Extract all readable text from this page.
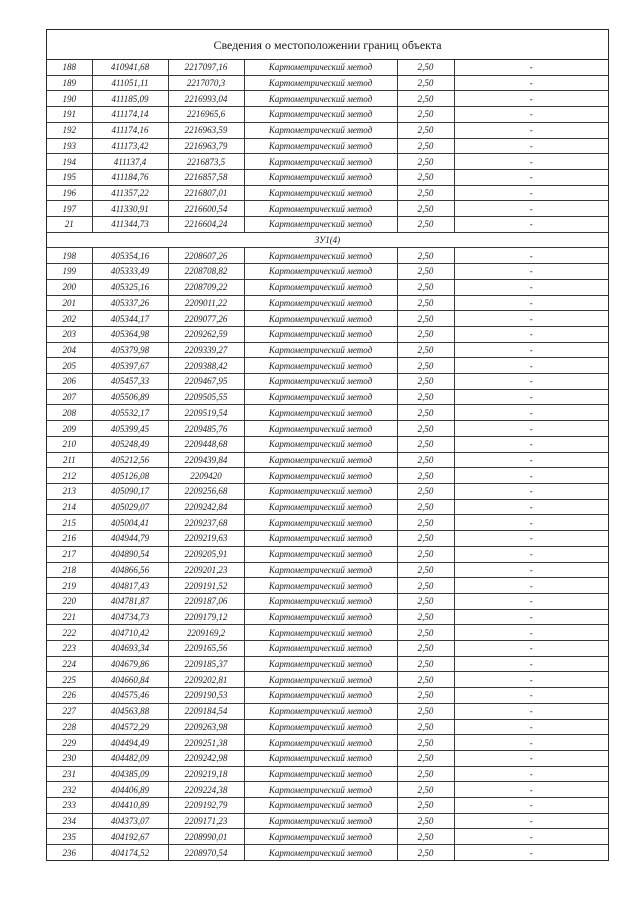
Сведения о местоположении границ объекта
188	410941,68	2217097,16	Картометрический метод	2,50	-
189	411051,11	2217070,3	Картометрический метод	2,50	-
190	411185,09	2216993,04	Картометрический метод	2,50	-
191	411174,14	2216965,6	Картометрический метод	2,50	-
192	411174,16	2216963,59	Картометрический метод	2,50	-
193	411173,42	2216963,79	Картометрический метод	2,50	-
194	411137,4	2216873,5	Картометрический метод	2,50	-
195	411184,76	2216857,58	Картометрический метод	2,50	-
196	411357,22	2216807,01	Картометрический метод	2,50	-
197	411330,91	2216600,54	Картометрический метод	2,50	-
21	411344,73	2216604,24	Картометрический метод	2,50	-
ЗУ1(4)					
198	405354,16	2208607,26	Картометрический метод	2,50	-
199	405333,49	2208708,82	Картометрический метод	2,50	-
200	405325,16	2208709,22	Картометрический метод	2,50	-
201	405337,26	2209011,22	Картометрический метод	2,50	-
202	405344,17	2209077,26	Картометрический метод	2,50	-
203	405364,98	2209262,59	Картометрический метод	2,50	-
204	405379,98	2209339,27	Картометрический метод	2,50	-
205	405397,67	2209388,42	Картометрический метод	2,50	-
206	405457,33	2209467,95	Картометрический метод	2,50	-
207	405506,89	2209505,55	Картометрический метод	2,50	-
208	405532,17	2209519,54	Картометрический метод	2,50	-
209	405399,45	2209485,76	Картометрический метод	2,50	-
210	405248,49	2209448,68	Картометрический метод	2,50	-
211	405212,56	2209439,84	Картометрический метод	2,50	-
212	405126,08	2209420	Картометрический метод	2,50	-
213	405090,17	2209256,68	Картометрический метод	2,50	-
214	405029,07	2209242,84	Картометрический метод	2,50	-
215	405004,41	2209237,68	Картометрический метод	2,50	-
216	404944,79	2209219,63	Картометрический метод	2,50	-
217	404890,54	2209205,91	Картометрический метод	2,50	-
218	404866,56	2209201,23	Картометрический метод	2,50	-
219	404817,43	2209191,52	Картометрический метод	2,50	-
220	404781,87	2209187,06	Картометрический метод	2,50	-
221	404734,73	2209179,12	Картометрический метод	2,50	-
222	404710,42	2209169,2	Картометрический метод	2,50	-
223	404693,34	2209165,56	Картометрический метод	2,50	-
224	404679,86	2209185,37	Картометрический метод	2,50	-
225	404660,84	2209202,81	Картометрический метод	2,50	-
226	404575,46	2209190,53	Картометрический метод	2,50	-
227	404563,88	2209184,54	Картометрический метод	2,50	-
228	404572,29	2209263,98	Картометрический метод	2,50	-
229	404494,49	2209251,38	Картометрический метод	2,50	-
230	404482,09	2209242,98	Картометрический метод	2,50	-
231	404385,09	2209219,18	Картометрический метод	2,50	-
232	404406,89	2209224,38	Картометрический метод	2,50	-
233	404410,89	2209192,79	Картометрический метод	2,50	-
234	404373,07	2209171,23	Картометрический метод	2,50	-
235	404192,67	2208990,01	Картометрический метод	2,50	-
236	404174,52	2208970,54	Картометрический метод	2,50	-
